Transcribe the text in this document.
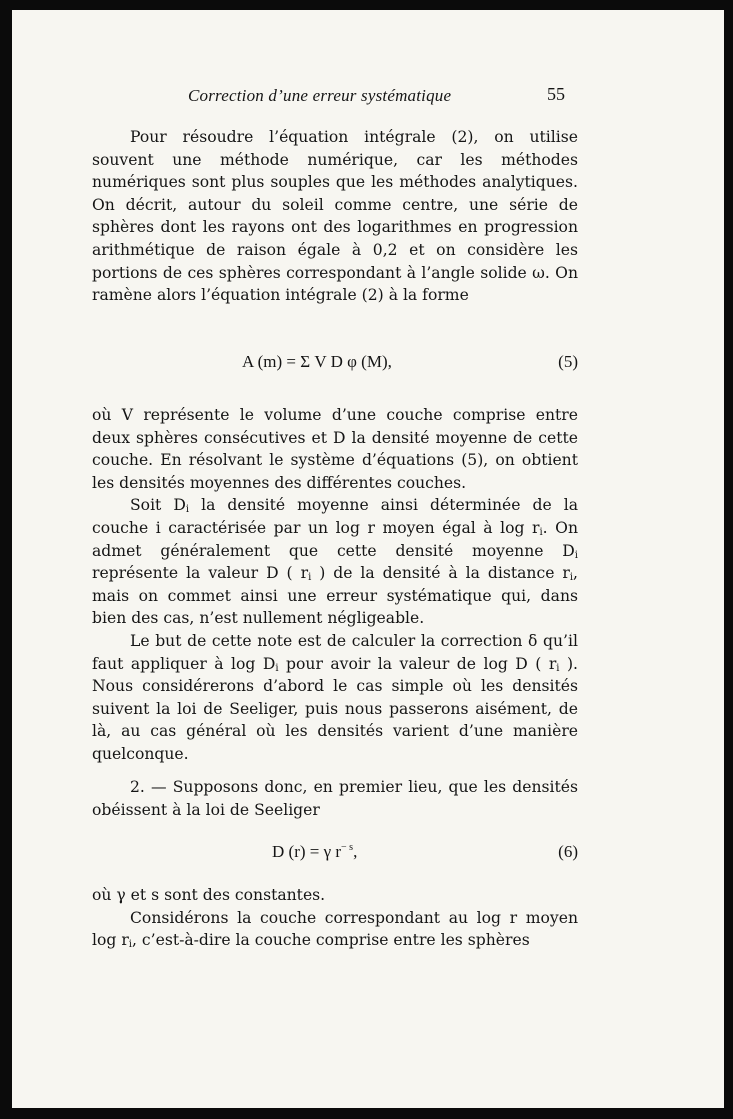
Correction d’une erreur systématique	55

Pour résoudre l’équation intégrale (2), on utilise souvent une méthode numérique, car les méthodes numériques sont plus souples que les méthodes analytiques. On décrit, autour du soleil comme centre, une série de sphères dont les rayons ont des logarithmes en progression arithmétique de raison égale à 0,2 et on considère les portions de ces sphères correspondant à l’angle solide ω. On ramène alors l’équation intégrale (2) à la forme

A (m) = Σ V D φ (M),	(5)

où V représente le volume d’une couche comprise entre deux sphères consécutives et D la densité moyenne de cette couche. En résolvant le système d’équations (5), on obtient les densités moyennes des différentes couches.

Soit $D_i$ la densité moyenne ainsi déterminée de la couche i caractérisée par un log r moyen égal à $\log r_i$. On admet généralement que cette densité moyenne $D_i$ représente la valeur D ( $r_i$ ) de la densité à la distance $r_i$, mais on commet ainsi une erreur systématique qui, dans bien des cas, n’est nullement négligeable.

Le but de cette note est de calculer la correction δ qu’il faut appliquer à $\log D_i$ pour avoir la valeur de log D ( $r_i$ ). Nous considérerons d’abord le cas simple où les densités suivent la loi de Seeliger, puis nous passerons aisément, de là, au cas général où les densités varient d’une manière quelconque.

2. — Supposons donc, en premier lieu, que les densités obéissent à la loi de Seeliger

D (r) = γ $r^{- s}$,	(6)

où γ et s sont des constantes.

Considérons la couche correspondant au log r moyen $\log r_i$, c’est-à-dire la couche comprise entre les sphères
